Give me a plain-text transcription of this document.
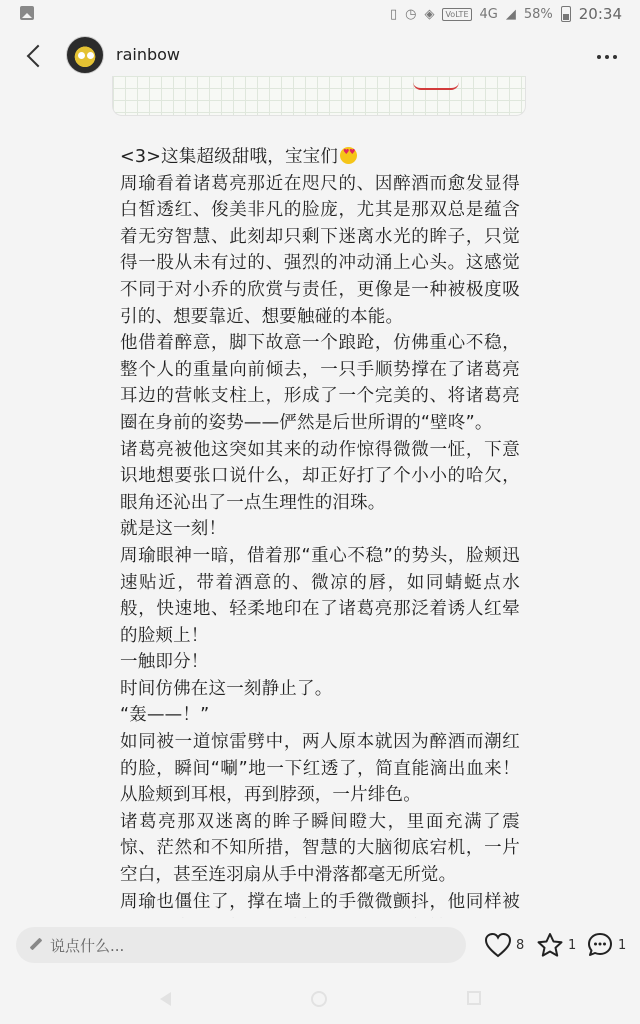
▯ ◷ ◈	VoLTE 4G ◢ 58% 20:34
rainbow

<3>这集超级甜哦，宝宝们♥ ♥

周瑜看着诸葛亮那近在咫尺的、因醉酒而愈发显得白皙透红、俊美非凡的脸庞，尤其是那双总是蕴含着无穷智慧、此刻却只剩下迷离水光的眸子，只觉得一股从未有过的、强烈的冲动涌上心头。这感觉不同于对小乔的欣赏与责任，更像是一种被极度吸引的、想要靠近、想要触碰的本能。

他借着醉意，脚下故意一个踉跄，仿佛重心不稳，整个人的重量向前倾去，一只手顺势撑在了诸葛亮耳边的营帐支柱上，形成了一个完美的、将诸葛亮圈在身前的姿势——俨然是后世所谓的“壁咚”。

诸葛亮被他这突如其来的动作惊得微微一怔，下意识地想要张口说什么，却正好打了个小小的哈欠，眼角还沁出了一点生理性的泪珠。

就是这一刻！

周瑜眼神一暗，借着那“重心不稳”的势头，脸颊迅速贴近，带着酒意的、微凉的唇，如同蜻蜓点水般，快速地、轻柔地印在了诸葛亮那泛着诱人红晕的脸颊上！

一触即分！

时间仿佛在这一刻静止了。

“轰——！”

如同被一道惊雷劈中，两人原本就因为醉酒而潮红的脸，瞬间“唰”地一下红透了，简直能滴出血来！从脸颊到耳根，再到脖颈，一片绯色。

诸葛亮那双迷离的眸子瞬间瞪大，里面充满了震惊、茫然和不知所措，智慧的大脑彻底宕机，一片空白，甚至连羽扇从手中滑落都毫无所觉。

周瑜也僵住了，撑在墙上的手微微颤抖，他同样被

说点什么...	8	1	1
